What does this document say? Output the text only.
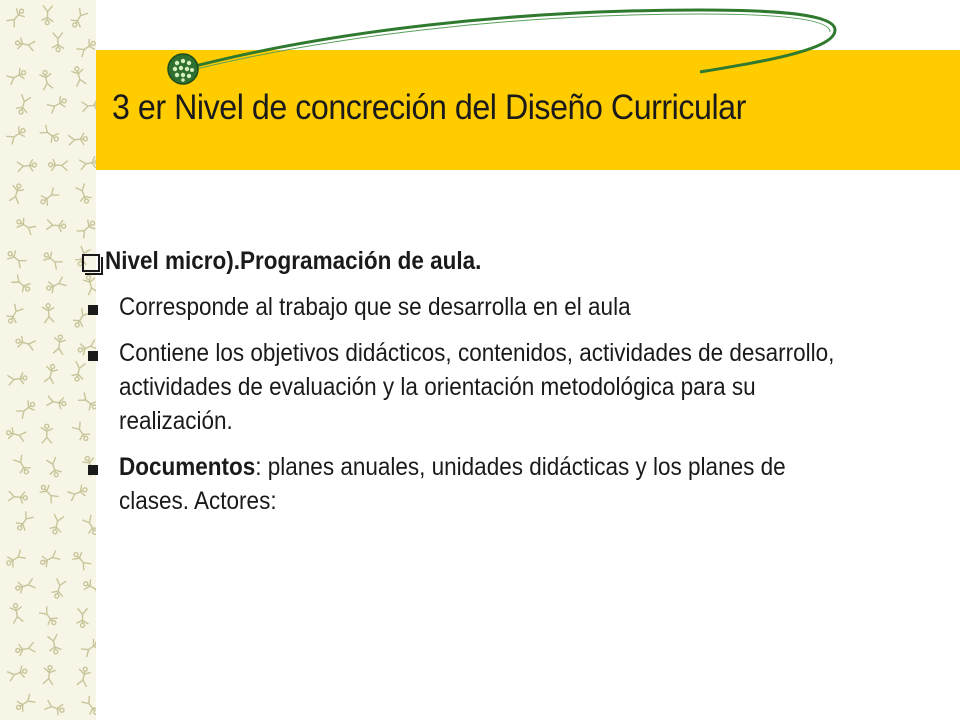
3 er Nivel de concreción del Diseño Curricular
Nivel micro).Programación de aula.
Corresponde al trabajo que se desarrolla en el aula
Contiene los objetivos didácticos, contenidos, actividades de desarrollo, actividades de evaluación y la orientación metodológica para su realización.
Documentos: planes anuales, unidades didácticas y los planes de clases. Actores:
